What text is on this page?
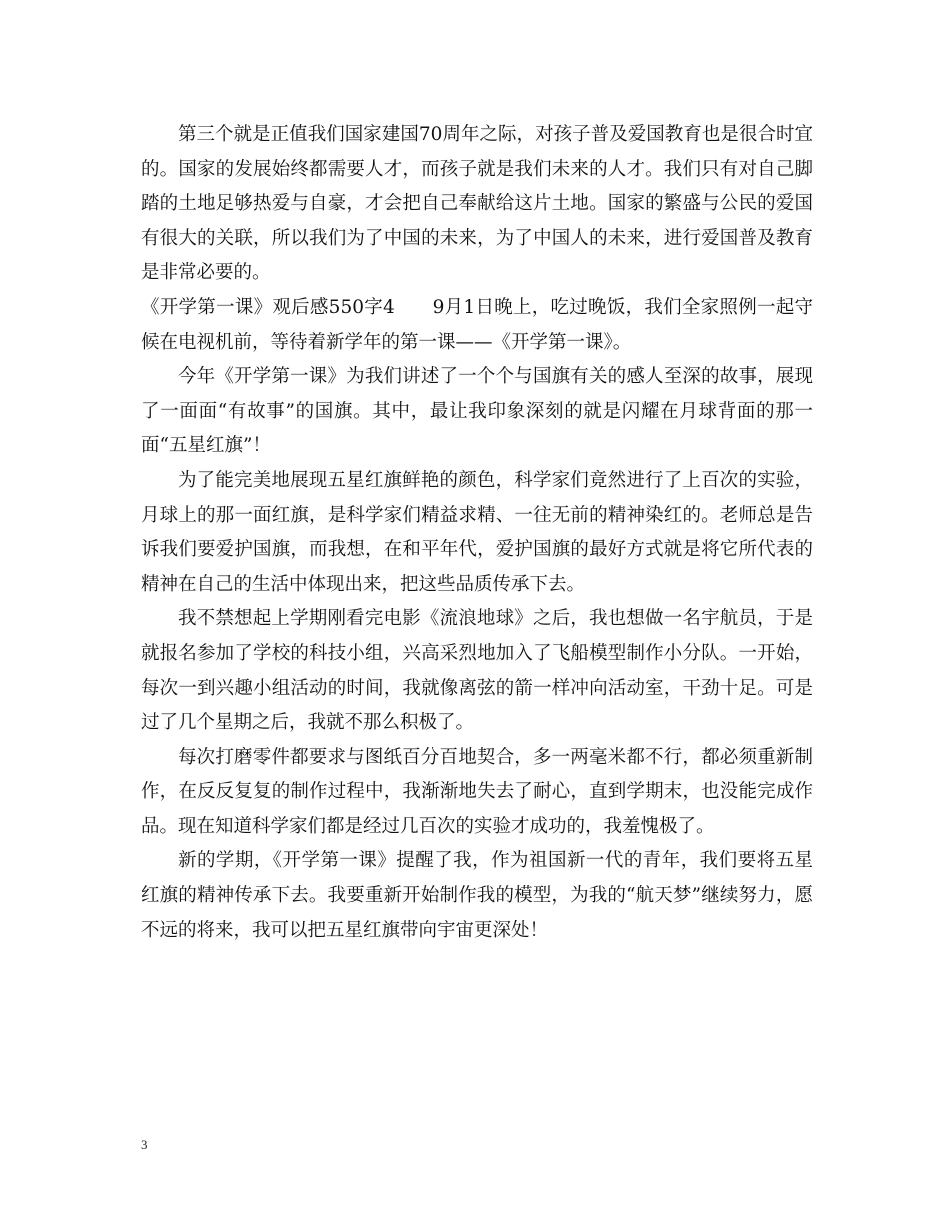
第三个就是正值我们国家建国70周年之际，对孩子普及爱国教育也是很合时宜的。国家的发展始终都需要人才，而孩子就是我们未来的人才。我们只有对自己脚踏的土地足够热爱与自豪，才会把自己奉献给这片土地。国家的繁盛与公民的爱国有很大的关联，所以我们为了中国的未来，为了中国人的未来，进行爱国普及教育是非常必要的。

《开学第一课》观后感550字4　　9月1日晚上，吃过晚饭，我们全家照例一起守候在电视机前，等待着新学年的第一课——《开学第一课》。

今年《开学第一课》为我们讲述了一个个与国旗有关的感人至深的故事，展现了一面面“有故事”的国旗。其中，最让我印象深刻的就是闪耀在月球背面的那一面“五星红旗”！

为了能完美地展现五星红旗鲜艳的颜色，科学家们竟然进行了上百次的实验，月球上的那一面红旗，是科学家们精益求精、一往无前的精神染红的。老师总是告诉我们要爱护国旗，而我想，在和平年代，爱护国旗的最好方式就是将它所代表的精神在自己的生活中体现出来，把这些品质传承下去。

我不禁想起上学期刚看完电影《流浪地球》之后，我也想做一名宇航员，于是就报名参加了学校的科技小组，兴高采烈地加入了飞船模型制作小分队。一开始，每次一到兴趣小组活动的时间，我就像离弦的箭一样冲向活动室，干劲十足。可是过了几个星期之后，我就不那么积极了。

每次打磨零件都要求与图纸百分百地契合，多一两毫米都不行，都必须重新制作，在反反复复的制作过程中，我渐渐地失去了耐心，直到学期末，也没能完成作品。现在知道科学家们都是经过几百次的实验才成功的，我羞愧极了。

新的学期，《开学第一课》提醒了我，作为祖国新一代的青年，我们要将五星红旗的精神传承下去。我要重新开始制作我的模型，为我的“航天梦”继续努力，愿不远的将来，我可以把五星红旗带向宇宙更深处！

3
